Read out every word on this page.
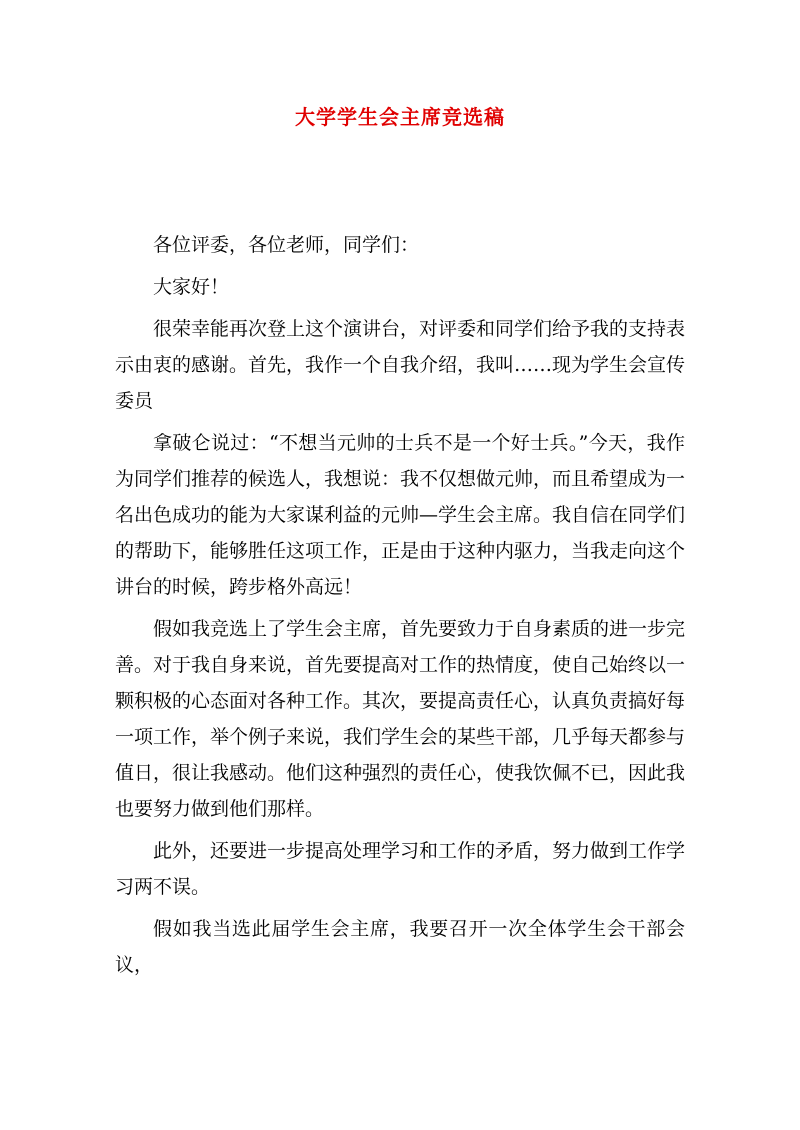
大学学生会主席竞选稿

各位评委，各位老师，同学们：

大家好！

很荣幸能再次登上这个演讲台，对评委和同学们给予我的支持表示由衷的感谢。首先，我作一个自我介绍，我叫……现为学生会宣传委员

拿破仑说过：“不想当元帅的士兵不是一个好士兵。”今天，我作为同学们推荐的候选人，我想说：我不仅想做元帅，而且希望成为一名出色成功的能为大家谋利益的元帅—学生会主席。我自信在同学们的帮助下，能够胜任这项工作，正是由于这种内驱力，当我走向这个讲台的时候，跨步格外高远！

假如我竞选上了学生会主席，首先要致力于自身素质的进一步完善。对于我自身来说，首先要提高对工作的热情度，使自己始终以一颗积极的心态面对各种工作。其次，要提高责任心，认真负责搞好每一项工作，举个例子来说，我们学生会的某些干部，几乎每天都参与值日，很让我感动。他们这种强烈的责任心，使我饮佩不已，因此我也要努力做到他们那样。

此外，还要进一步提高处理学习和工作的矛盾，努力做到工作学习两不误。

假如我当选此届学生会主席，我要召开一次全体学生会干部会议，
